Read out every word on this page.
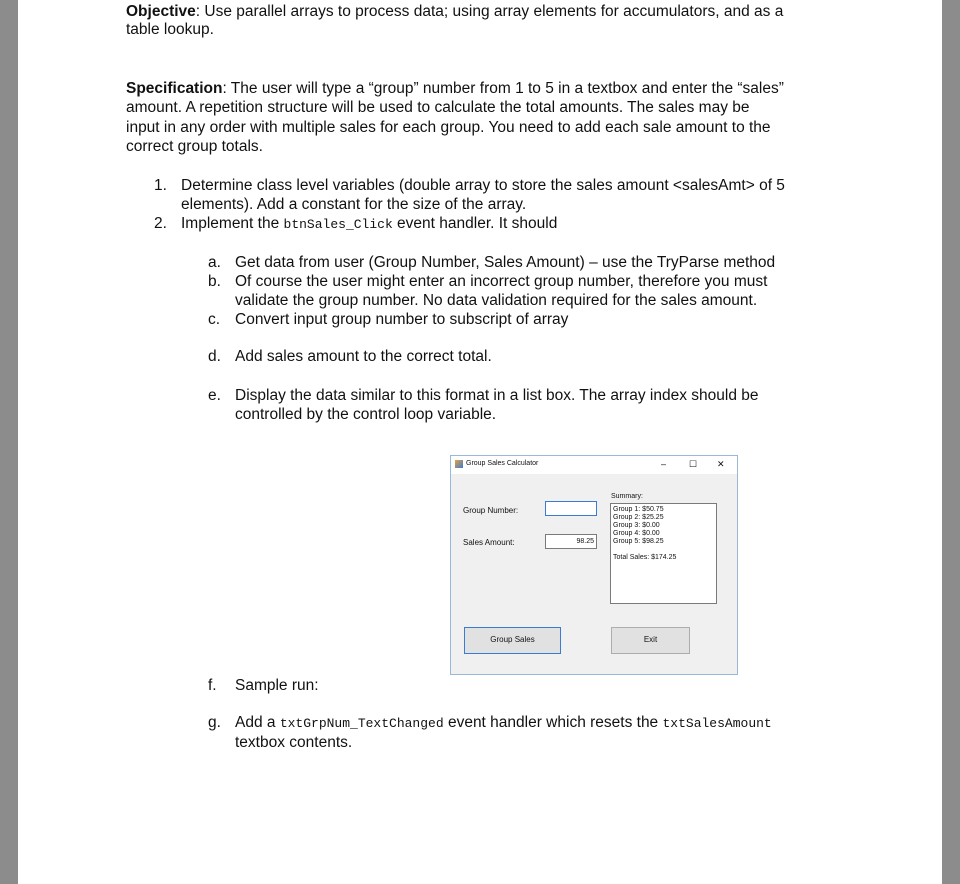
Objective: Use parallel arrays to process data; using array elements for accumulators, and as a
table lookup.
Specification: The user will type a “group” number from 1 to 5 in a textbox and enter the “sales”
amount. A repetition structure will be used to calculate the total amounts. The sales may be
input in any order with multiple sales for each group. You need to add each sale amount to the
correct group totals.
1. Determine class level variables (double array to store the sales amount <salesAmt> of 5
elements). Add a constant for the size of the array.
2. Implement the btnSales_Click event handler. It should
a. Get data from user (Group Number, Sales Amount) – use the TryParse method
b. Of course the user might enter an incorrect group number, therefore you must
validate the group number. No data validation required for the sales amount.
c. Convert input group number to subscript of array
d. Add sales amount to the correct total.
e. Display the data similar to this format in a list box. The array index should be
controlled by the control loop variable.
f. Sample run:
g. Add a txtGrpNum_TextChanged event handler which resets the txtSalesAmount
textbox contents.
Group Sales Calculator	–	☐ ✕
Group Number:
Sales Amount:	98.25
Summary:
Group 1: $50.75
Group 2: $25.25
Group 3: $0.00
Group 4: $0.00
Group 5: $98.25
Total Sales: $174.25
Group Sales	Exit
